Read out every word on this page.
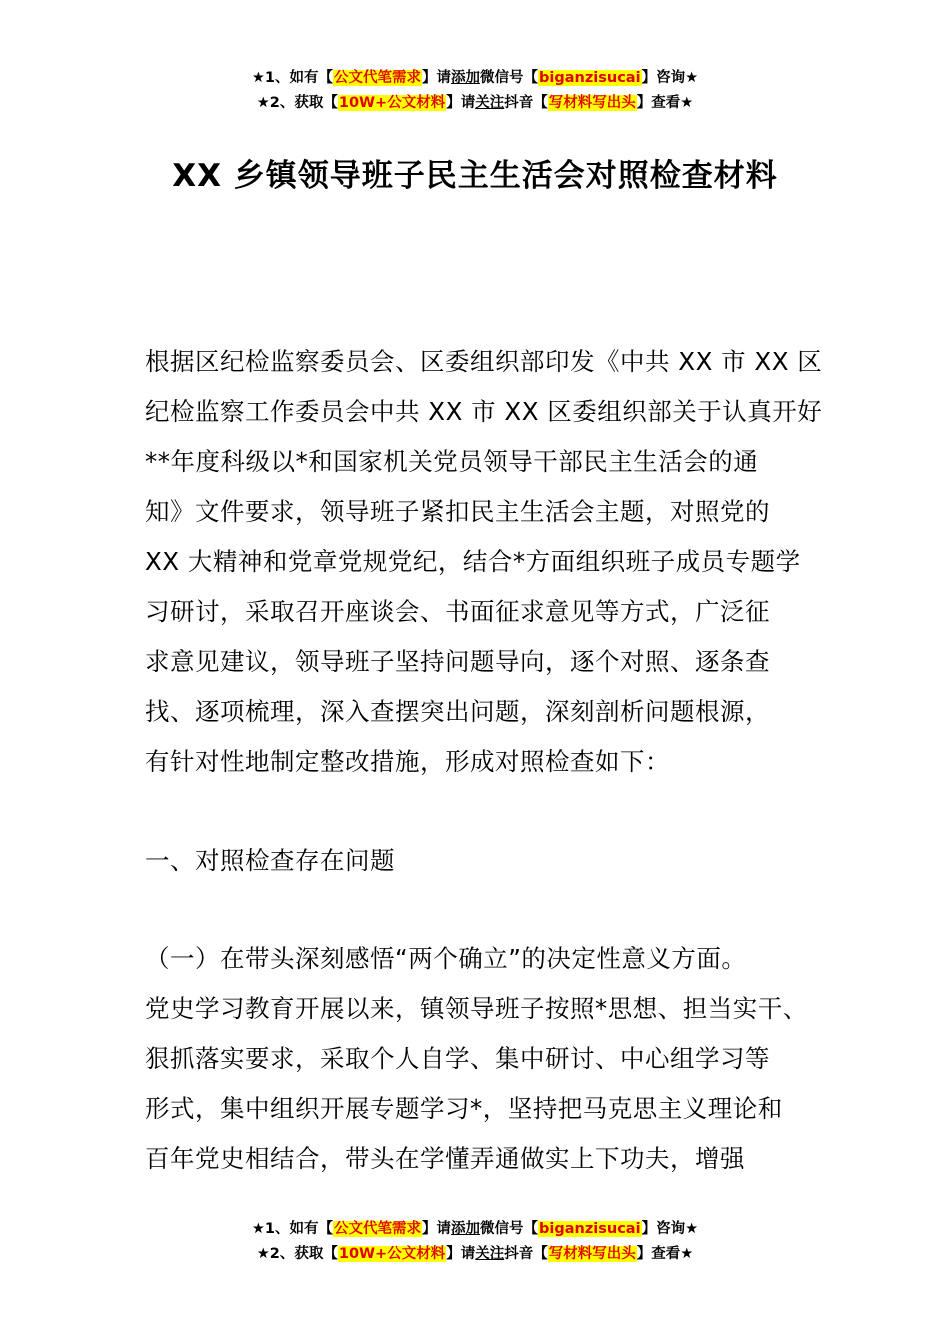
★1、如有【公文代笔需求】请添加微信号【biganzisucai】咨询★
★2、获取【10W+公文材料】请关注抖音【写材料写出头】查看★
XX 乡镇领导班子民主生活会对照检查材料
根据区纪检监察委员会、区委组织部印发《中共 XX 市 XX 区
纪检监察工作委员会中共 XX 市 XX 区委组织部关于认真开好
**年度科级以*和国家机关党员领导干部民主生活会的通
知》文件要求，领导班子紧扣民主生活会主题，对照党的
XX 大精神和党章党规党纪，结合*方面组织班子成员专题学
习研讨，采取召开座谈会、书面征求意见等方式，广泛征
求意见建议，领导班子坚持问题导向，逐个对照、逐条查
找、逐项梳理，深入查摆突出问题，深刻剖析问题根源，
有针对性地制定整改措施，形成对照检查如下：
一、对照检查存在问题
（一）在带头深刻感悟“两个确立”的决定性意义方面。
党史学习教育开展以来，镇领导班子按照*思想、担当实干、
狠抓落实要求，采取个人自学、集中研讨、中心组学习等
形式，集中组织开展专题学习*，坚持把马克思主义理论和
百年党史相结合，带头在学懂弄通做实上下功夫，增强
★1、如有【公文代笔需求】请添加微信号【biganzisucai】咨询★
★2、获取【10W+公文材料】请关注抖音【写材料写出头】查看★
